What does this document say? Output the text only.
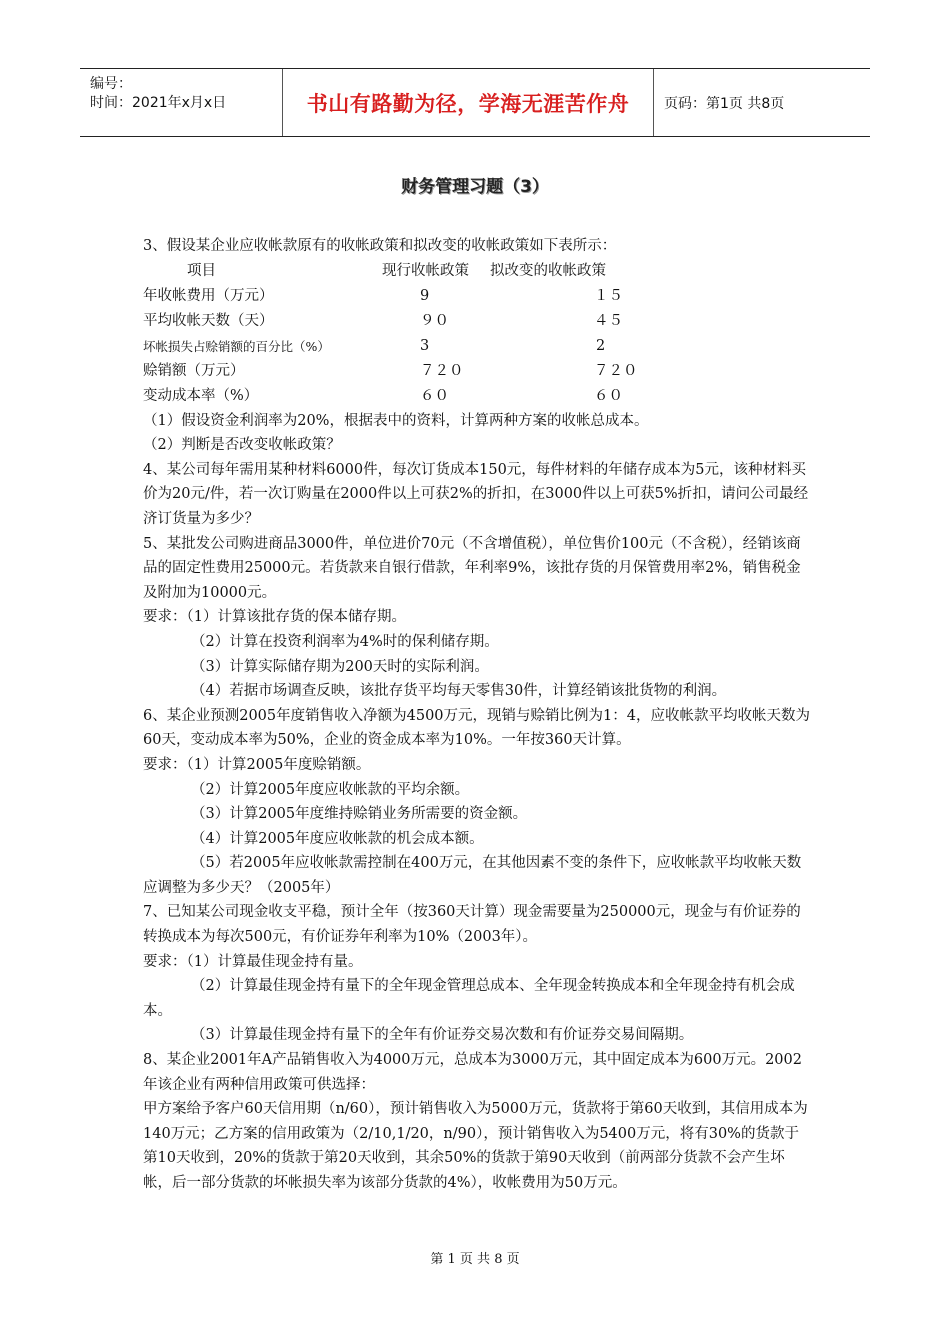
编号：
时间：2021年x月x日	书山有路勤为径，学海无涯苦作舟 页码：第1页 共8页
财务管理习题（3）

3、假设某企业应收帐款原有的收帐政策和拟改变的收帐政策如下表所示：

项目	现行收帐政策	拟改变的收帐政策
年收帐费用（万元）	9	１５
平均收帐天数（天）	９０	４５
坏帐损失占赊销额的百分比（%）	3	2
赊销额（万元）	７２０	７２０
变动成本率（%）	６０	６０

（1）假设资金利润率为20%，根据表中的资料，计算两种方案的收帐总成本。

（2）判断是否改变收帐政策？

4、某公司每年需用某种材料6000件，每次订货成本150元，每件材料的年储存成本为5元，该种材料买价为20元/件，若一次订购量在2000件以上可获2%的折扣，在3000件以上可获5%折扣，请问公司最经济订货量为多少？

5、某批发公司购进商品3000件，单位进价70元（不含增值税），单位售价100元（不含税），经销该商品的固定性费用25000元。若货款来自银行借款，年利率9%，该批存货的月保管费用率2%，销售税金及附加为10000元。

要求：（1）计算该批存货的保本储存期。

（2）计算在投资利润率为4%时的保利储存期。

（3）计算实际储存期为200天时的实际利润。

（4）若据市场调查反映，该批存货平均每天零售30件，计算经销该批货物的利润。

6、某企业预测2005年度销售收入净额为4500万元，现销与赊销比例为1：4，应收帐款平均收帐天数为60天，变动成本率为50%，企业的资金成本率为10%。一年按360天计算。

要求：（1）计算2005年度赊销额。

（2）计算2005年度应收帐款的平均余额。

（3）计算2005年度维持赊销业务所需要的资金额。

（4）计算2005年度应收帐款的机会成本额。

（5）若2005年应收帐款需控制在400万元，在其他因素不变的条件下，应收帐款平均收帐天数应调整为多少天？（2005年）

7、已知某公司现金收支平稳，预计全年（按360天计算）现金需要量为250000元，现金与有价证券的转换成本为每次500元，有价证券年利率为10%（2003年）。

要求：（1）计算最佳现金持有量。

（2）计算最佳现金持有量下的全年现金管理总成本、全年现金转换成本和全年现金持有机会成本。

（3）计算最佳现金持有量下的全年有价证券交易次数和有价证券交易间隔期。

8、某企业2001年A产品销售收入为4000万元，总成本为3000万元，其中固定成本为600万元。2002年该企业有两种信用政策可供选择：

甲方案给予客户60天信用期（n/60），预计销售收入为5000万元，货款将于第60天收到，其信用成本为140万元；乙方案的信用政策为（2/10,1/20，n/90），预计销售收入为5400万元，将有30%的货款于第10天收到，20%的货款于第20天收到，其余50%的货款于第90天收到（前两部分货款不会产生坏帐，后一部分货款的坏帐损失率为该部分货款的4%），收帐费用为50万元。

第 1 页 共 8 页
